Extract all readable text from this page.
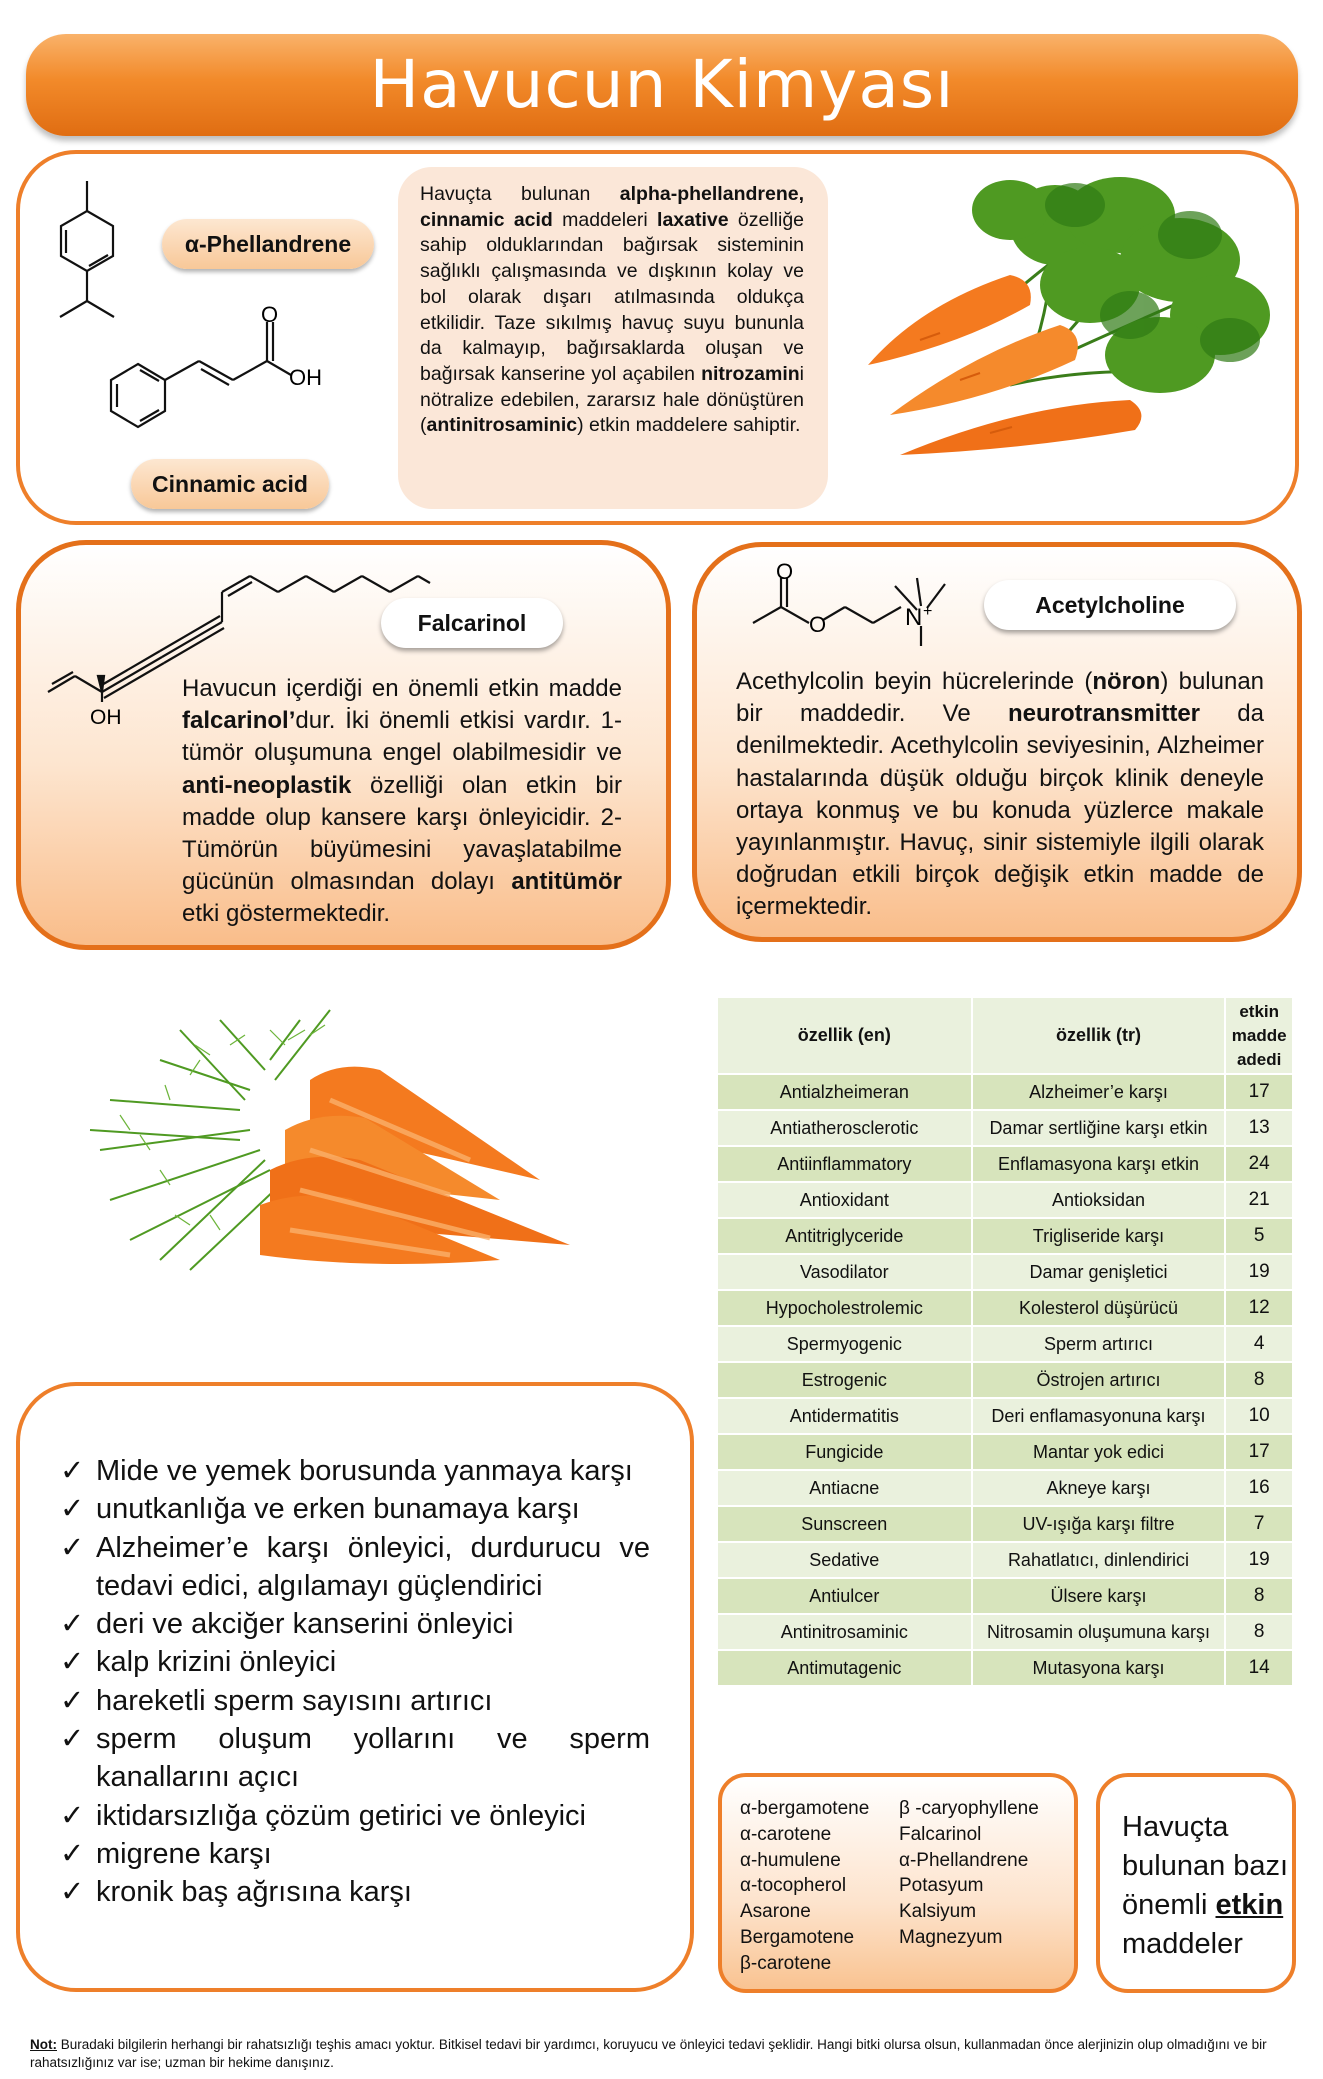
Havucun Kimyası
α-Phellandrene
O
OH
Cinnamic acid
Havuçta bulunan alpha-phellandrene, cinnamic acid maddeleri laxative özelliğe sahip olduklarından bağırsak sisteminin sağlıklı çalışmasında ve dışkının kolay ve bol olarak dışarı atılmasında oldukça etkilidir. Taze sıkılmış havuç suyu bununla da kalmayıp, bağırsaklarda oluşan ve bağırsak kanserine yol açabilen nitrozamini nötralize edebilen, zararsız hale dönüştüren (antinitrosaminic) etkin maddelere sahiptir.
OH
Falcarinol
Havucun içerdiği en önemli etkin madde falcarinol’dur. İki önemli etkisi vardır. 1- tümör oluşumuna engel olabilmesidir ve anti-neoplastik özelliği olan etkin bir madde olup kansere karşı önleyicidir. 2- Tümörün büyümesini yavaşlatabilme gücünün olmasından dolayı antitümör etki göstermektedir.
O
O	N +	Acetylcholine
Acethylcolin beyin hücrelerinde (nöron) bulunan bir maddedir. Ve neurotransmitter da denilmektedir. Acethylcolin seviyesinin, Alzheimer hastalarında düşük olduğu birçok klinik deneyle ortaya konmuş ve bu konuda yüzlerce makale yayınlanmıştır. Havuç, sinir sistemiyle ilgili olarak doğrudan etkili birçok değişik etkin madde de içermektedir.
özellik (en)	özellik (tr)	etkin madde adedi
Antialzheimeran	Alzheimer’e karşı	17
Antiatherosclerotic	Damar sertliğine karşı etkin	13
Antiinflammatory	Enflamasyona karşı etkin	24
Antioxidant	Antioksidan	21
Antitriglyceride	Trigliseride karşı	5
Vasodilator	Damar genişletici	19
Hypocholestrolemic	Kolesterol düşürücü	12
Spermyogenic	Sperm artırıcı	4
Estrogenic	Östrojen artırıcı	8
Antidermatitis	Deri enflamasyonuna karşı	10
Fungicide	Mantar yok edici	17
Antiacne	Akneye karşı	16
Sunscreen	UV-ışığa karşı filtre	7
Sedative	Rahatlatıcı, dinlendirici	19
Antiulcer	Ülsere karşı	8
Antinitrosaminic	Nitrosamin oluşumuna karşı	8
Antimutagenic	Mutasyona karşı	14
✓ Mide ve yemek borusunda yanmaya karşı
✓ unutkanlığa ve erken bunamaya karşı
✓ Alzheimer’e karşı önleyici, durdurucu ve tedavi edici, algılamayı güçlendirici
✓ deri ve akciğer kanserini önleyici
✓ kalp krizini önleyici
✓ hareketli sperm sayısını artırıcı
✓ sperm oluşum yollarını ve sperm kanallarını açıcı
✓ iktidarsızlığa çözüm getirici ve önleyici
✓ migrene karşı
✓ kronik baş ağrısına karşı
α-bergamotene
α-carotene
α-humulene
α-tocopherol
Asarone
Bergamotene
β-carotene
β -caryophyllene
Falcarinol
α-Phellandrene
Potasyum
Kalsiyum
Magnezyum
Havuçta
bulunan bazı
önemli etkin
maddeler
Not: Buradaki bilgilerin herhangi bir rahatsızlığı teşhis amacı yoktur. Bitkisel tedavi bir yardımcı, koruyucu ve önleyici tedavi şeklidir. Hangi bitki olursa olsun, kullanmadan önce alerjinizin olup olmadığını ve bir rahatsızlığınız var ise; uzman bir hekime danışınız.
